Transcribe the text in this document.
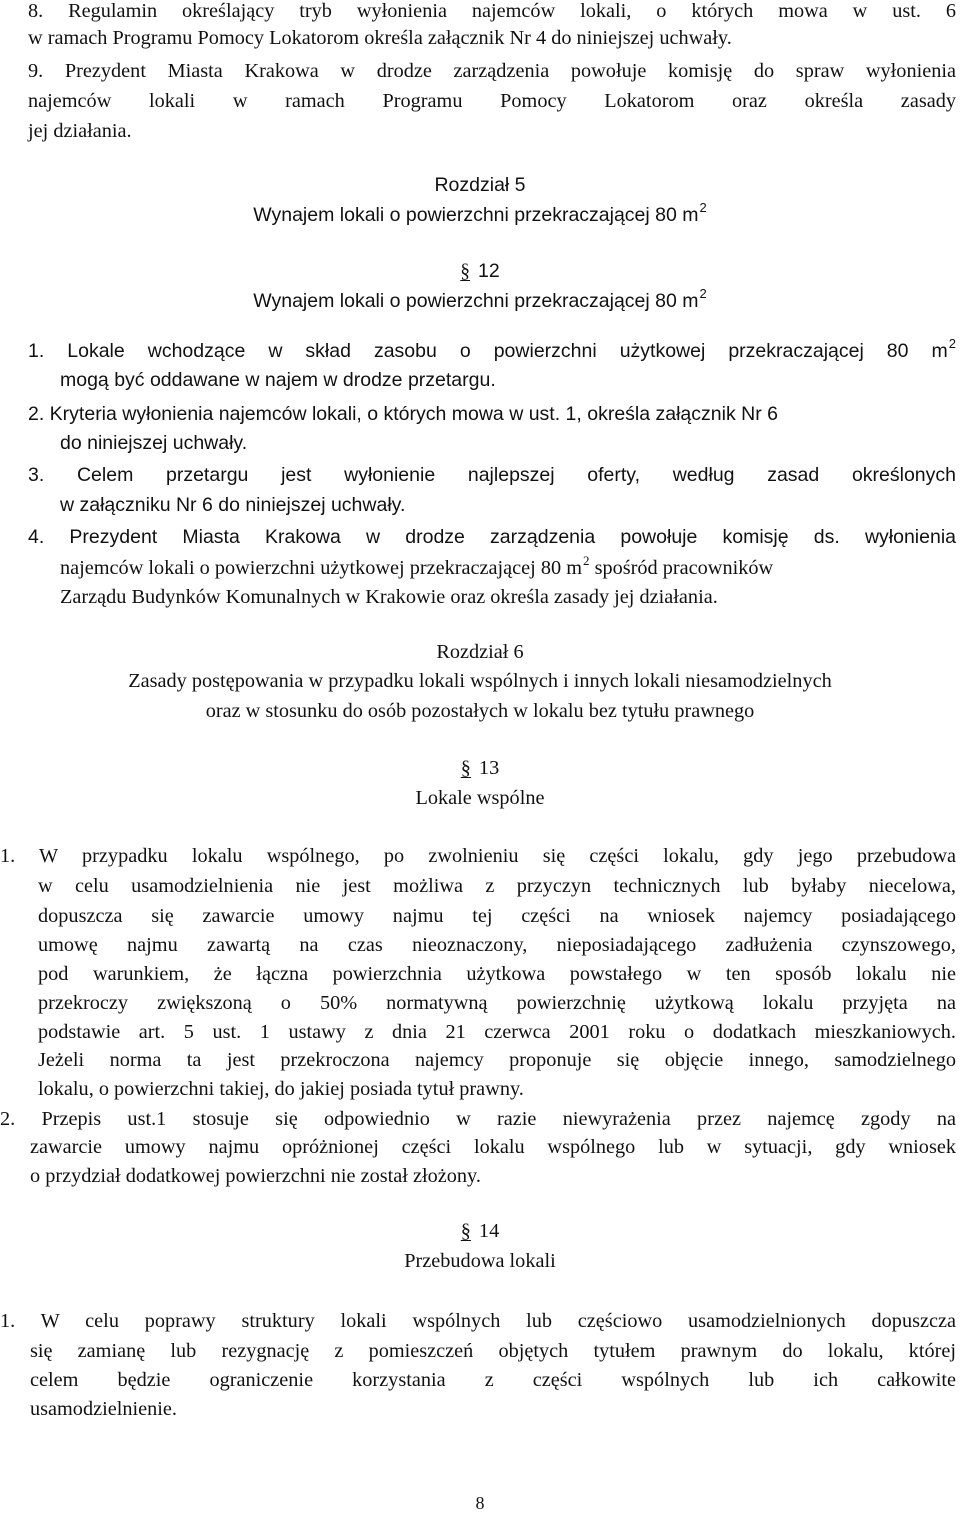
8. Regulamin określający tryb wyłonienia najemców lokali, o których mowa w ust. 6
w ramach Programu Pomocy Lokatorom określa załącznik Nr 4 do niniejszej uchwały.
9. Prezydent Miasta Krakowa w drodze zarządzenia powołuje komisję do spraw wyłonienia
najemców lokali w ramach Programu Pomocy Lokatorom oraz określa zasady
jej działania.
Rozdział 5
Wynajem lokali o powierzchni przekraczającej 80 $m^2$
§ 12
Wynajem lokali o powierzchni przekraczającej 80 $m^2$
1. Lokale wchodzące w skład zasobu o powierzchni użytkowej przekraczającej 80 $m^2$
mogą być oddawane w najem w drodze przetargu.
2. Kryteria wyłonienia najemców lokali, o których mowa w ust. 1, określa załącznik Nr 6
do niniejszej uchwały.
3. Celem przetargu jest wyłonienie najlepszej oferty, według zasad określonych
w załączniku Nr 6 do niniejszej uchwały.
4. Prezydent Miasta Krakowa w drodze zarządzenia powołuje komisję ds. wyłonienia
najemców lokali o powierzchni użytkowej przekraczającej 80 $m^2$ spośród pracowników
Zarządu Budynków Komunalnych w Krakowie oraz określa zasady jej działania.
Rozdział 6
Zasady postępowania w przypadku lokali wspólnych i innych lokali niesamodzielnych
oraz w stosunku do osób pozostałych w lokalu bez tytułu prawnego
§ 13
Lokale wspólne
1. W przypadku lokalu wspólnego, po zwolnieniu się części lokalu, gdy jego przebudowa
w celu usamodzielnienia nie jest możliwa z przyczyn technicznych lub byłaby niecelowa,
dopuszcza się zawarcie umowy najmu tej części na wniosek najemcy posiadającego
umowę najmu zawartą na czas nieoznaczony, nieposiadającego zadłużenia czynszowego,
pod warunkiem, że łączna powierzchnia użytkowa powstałego w ten sposób lokalu nie
przekroczy zwiększoną o 50% normatywną powierzchnię użytkową lokalu przyjęta na
podstawie art. 5 ust. 1 ustawy z dnia 21 czerwca 2001 roku o dodatkach mieszkaniowych.
Jeżeli norma ta jest przekroczona najemcy proponuje się objęcie innego, samodzielnego
lokalu, o powierzchni takiej, do jakiej posiada tytuł prawny.
2. Przepis ust.1 stosuje się odpowiednio w razie niewyrażenia przez najemcę zgody na
zawarcie umowy najmu opróżnionej części lokalu wspólnego lub w sytuacji, gdy wniosek
o przydział dodatkowej powierzchni nie został złożony.
§ 14
Przebudowa lokali
1. W celu poprawy struktury lokali wspólnych lub częściowo usamodzielnionych dopuszcza
się zamianę lub rezygnację z pomieszczeń objętych tytułem prawnym do lokalu, której
celem będzie ograniczenie korzystania z części wspólnych lub ich całkowite
usamodzielnienie.
8
